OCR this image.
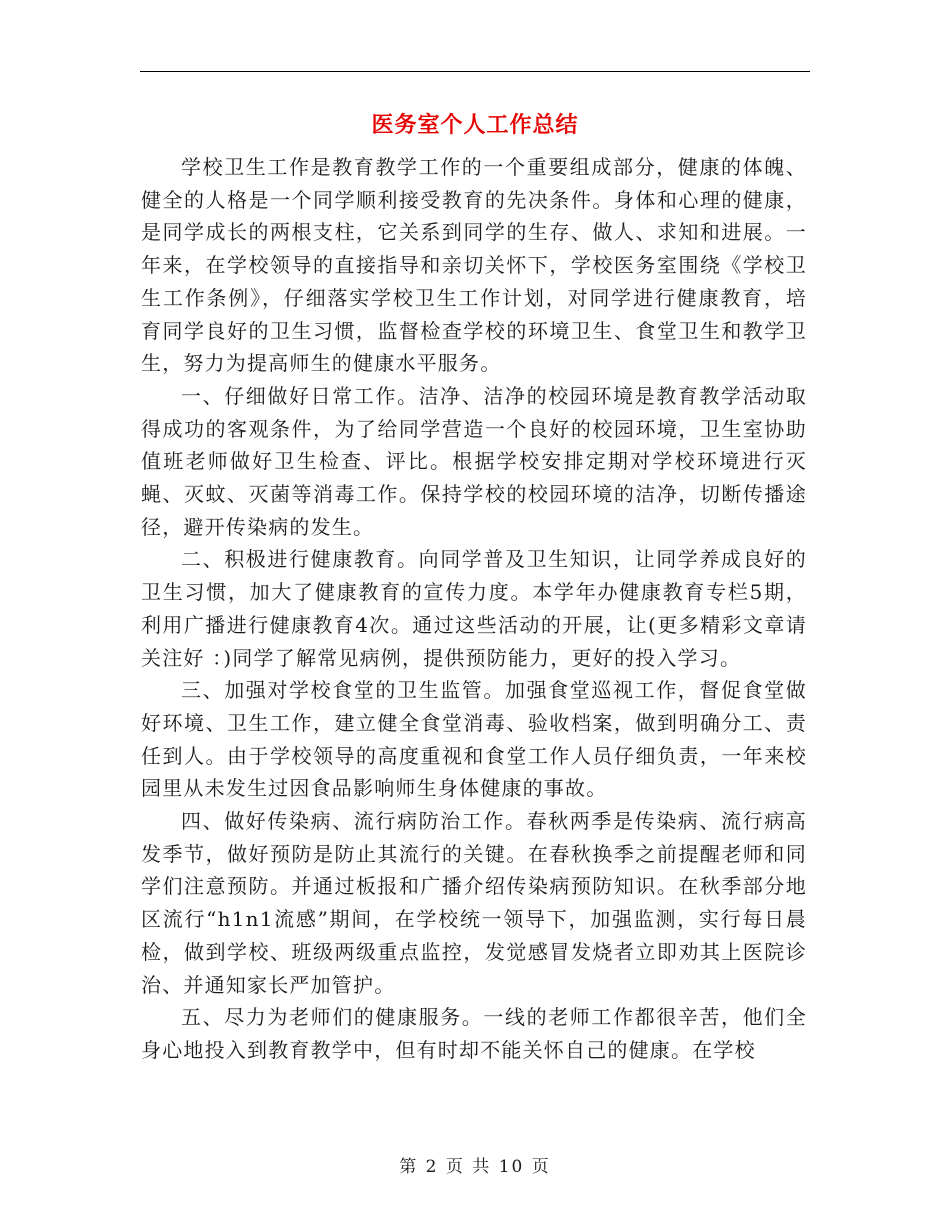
医务室个人工作总结

学校卫生工作是教育教学工作的一个重要组成部分，健康的体魄、健全的人格是一个同学顺利接受教育的先决条件。身体和心理的健康，是同学成长的两根支柱，它关系到同学的生存、做人、求知和进展。一年来，在学校领导的直接指导和亲切关怀下，学校医务室围绕《学校卫生工作条例》，仔细落实学校卫生工作计划，对同学进行健康教育，培育同学良好的卫生习惯，监督检查学校的环境卫生、食堂卫生和教学卫生，努力为提高师生的健康水平服务。

一、仔细做好日常工作。洁净、洁净的校园环境是教育教学活动取得成功的客观条件，为了给同学营造一个良好的校园环境，卫生室协助值班老师做好卫生检查、评比。根据学校安排定期对学校环境进行灭蝇、灭蚊、灭菌等消毒工作。保持学校的校园环境的洁净，切断传播途径，避开传染病的发生。

二、积极进行健康教育。向同学普及卫生知识，让同学养成良好的卫生习惯，加大了健康教育的宣传力度。本学年办健康教育专栏5期，利用广播进行健康教育4次。通过这些活动的开展，让(更多精彩文章请关注好 ：)同学了解常见病例，提供预防能力，更好的投入学习。

三、加强对学校食堂的卫生监管。加强食堂巡视工作，督促食堂做好环境、卫生工作，建立健全食堂消毒、验收档案，做到明确分工、责任到人。由于学校领导的高度重视和食堂工作人员仔细负责，一年来校园里从未发生过因食品影响师生身体健康的事故。

四、做好传染病、流行病防治工作。春秋两季是传染病、流行病高发季节，做好预防是防止其流行的关键。在春秋换季之前提醒老师和同学们注意预防。并通过板报和广播介绍传染病预防知识。在秋季部分地区流行“h1n1流感”期间，在学校统一领导下，加强监测，实行每日晨检，做到学校、班级两级重点监控，发觉感冒发烧者立即劝其上医院诊治、并通知家长严加管护。

五、尽力为老师们的健康服务。一线的老师工作都很辛苦，他们全身心地投入到教育教学中，但有时却不能关怀自己的健康。在学校

第 2 页 共 10 页
